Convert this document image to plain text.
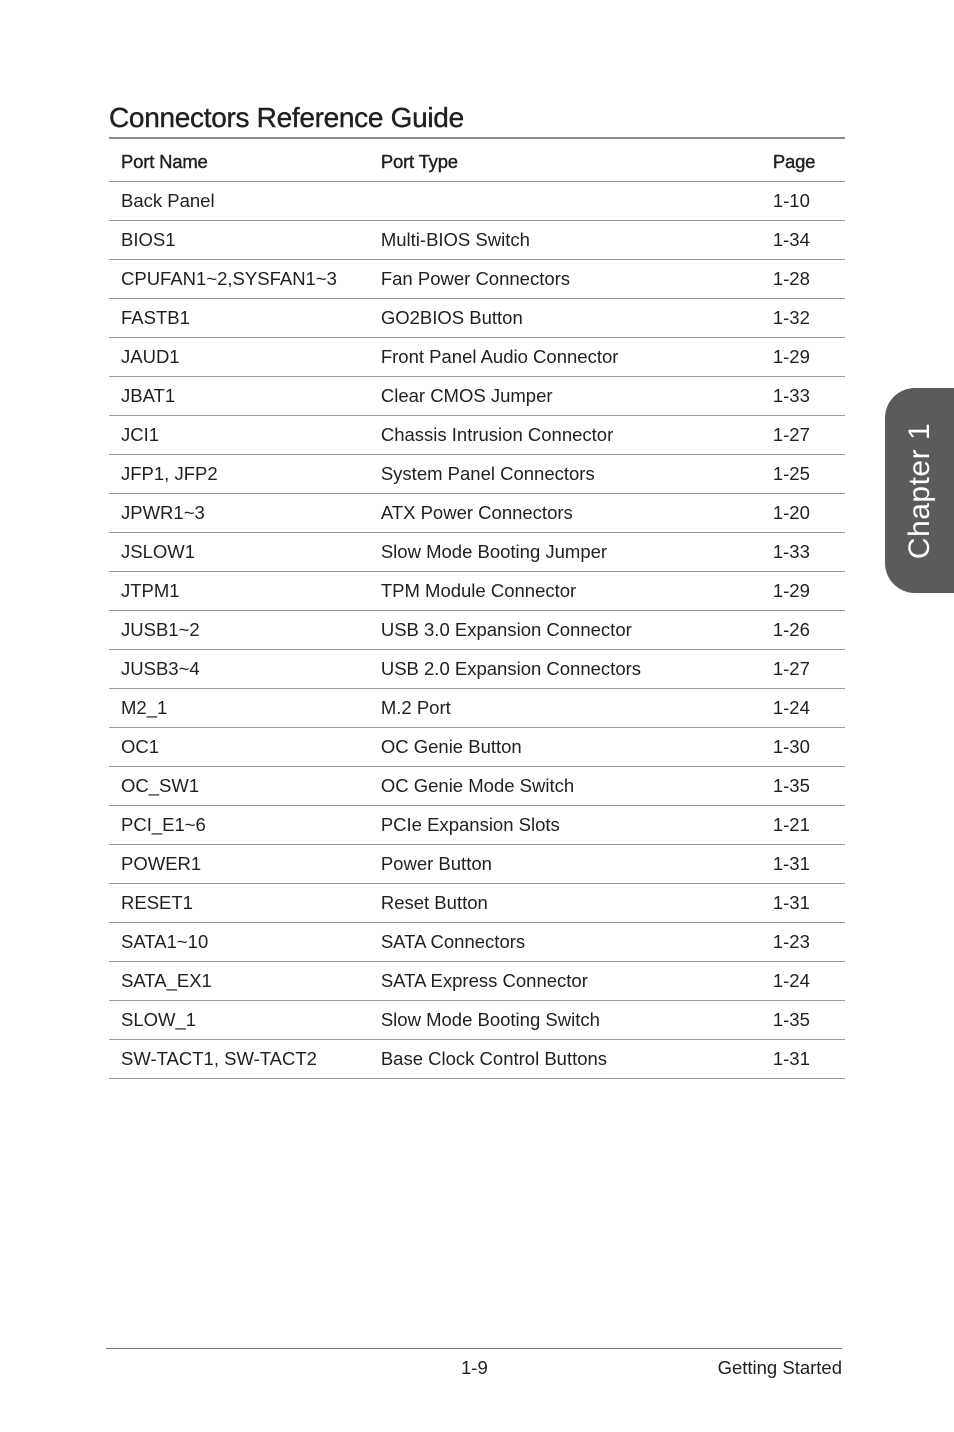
Connectors Reference Guide
Port Name	Port Type	Page
Back Panel		1-10
BIOS1	Multi-BIOS Switch	1-34
CPUFAN1~2,SYSFAN1~3	Fan Power Connectors	1-28
FASTB1	GO2BIOS Button	1-32
JAUD1	Front Panel Audio Connector	1-29
JBAT1	Clear CMOS Jumper	1-33
JCI1	Chassis Intrusion Connector	1-27
JFP1, JFP2	System Panel Connectors	1-25
JPWR1~3	ATX Power Connectors	1-20
JSLOW1	Slow Mode Booting Jumper	1-33
JTPM1	TPM Module Connector	1-29
JUSB1~2	USB 3.0 Expansion Connector	1-26
JUSB3~4	USB 2.0 Expansion Connectors	1-27
M2_1	M.2 Port	1-24
OC1	OC Genie Button	1-30
OC_SW1	OC Genie Mode Switch	1-35
PCI_E1~6	PCIe Expansion Slots	1-21
POWER1	Power Button	1-31
RESET1	Reset Button	1-31
SATA1~10	SATA Connectors	1-23
SATA_EX1	SATA Express Connector	1-24
SLOW_1	Slow Mode Booting Switch	1-35
SW-TACT1, SW-TACT2	Base Clock Control Buttons	1-31
Chapter 1
1-9	Getting Started
